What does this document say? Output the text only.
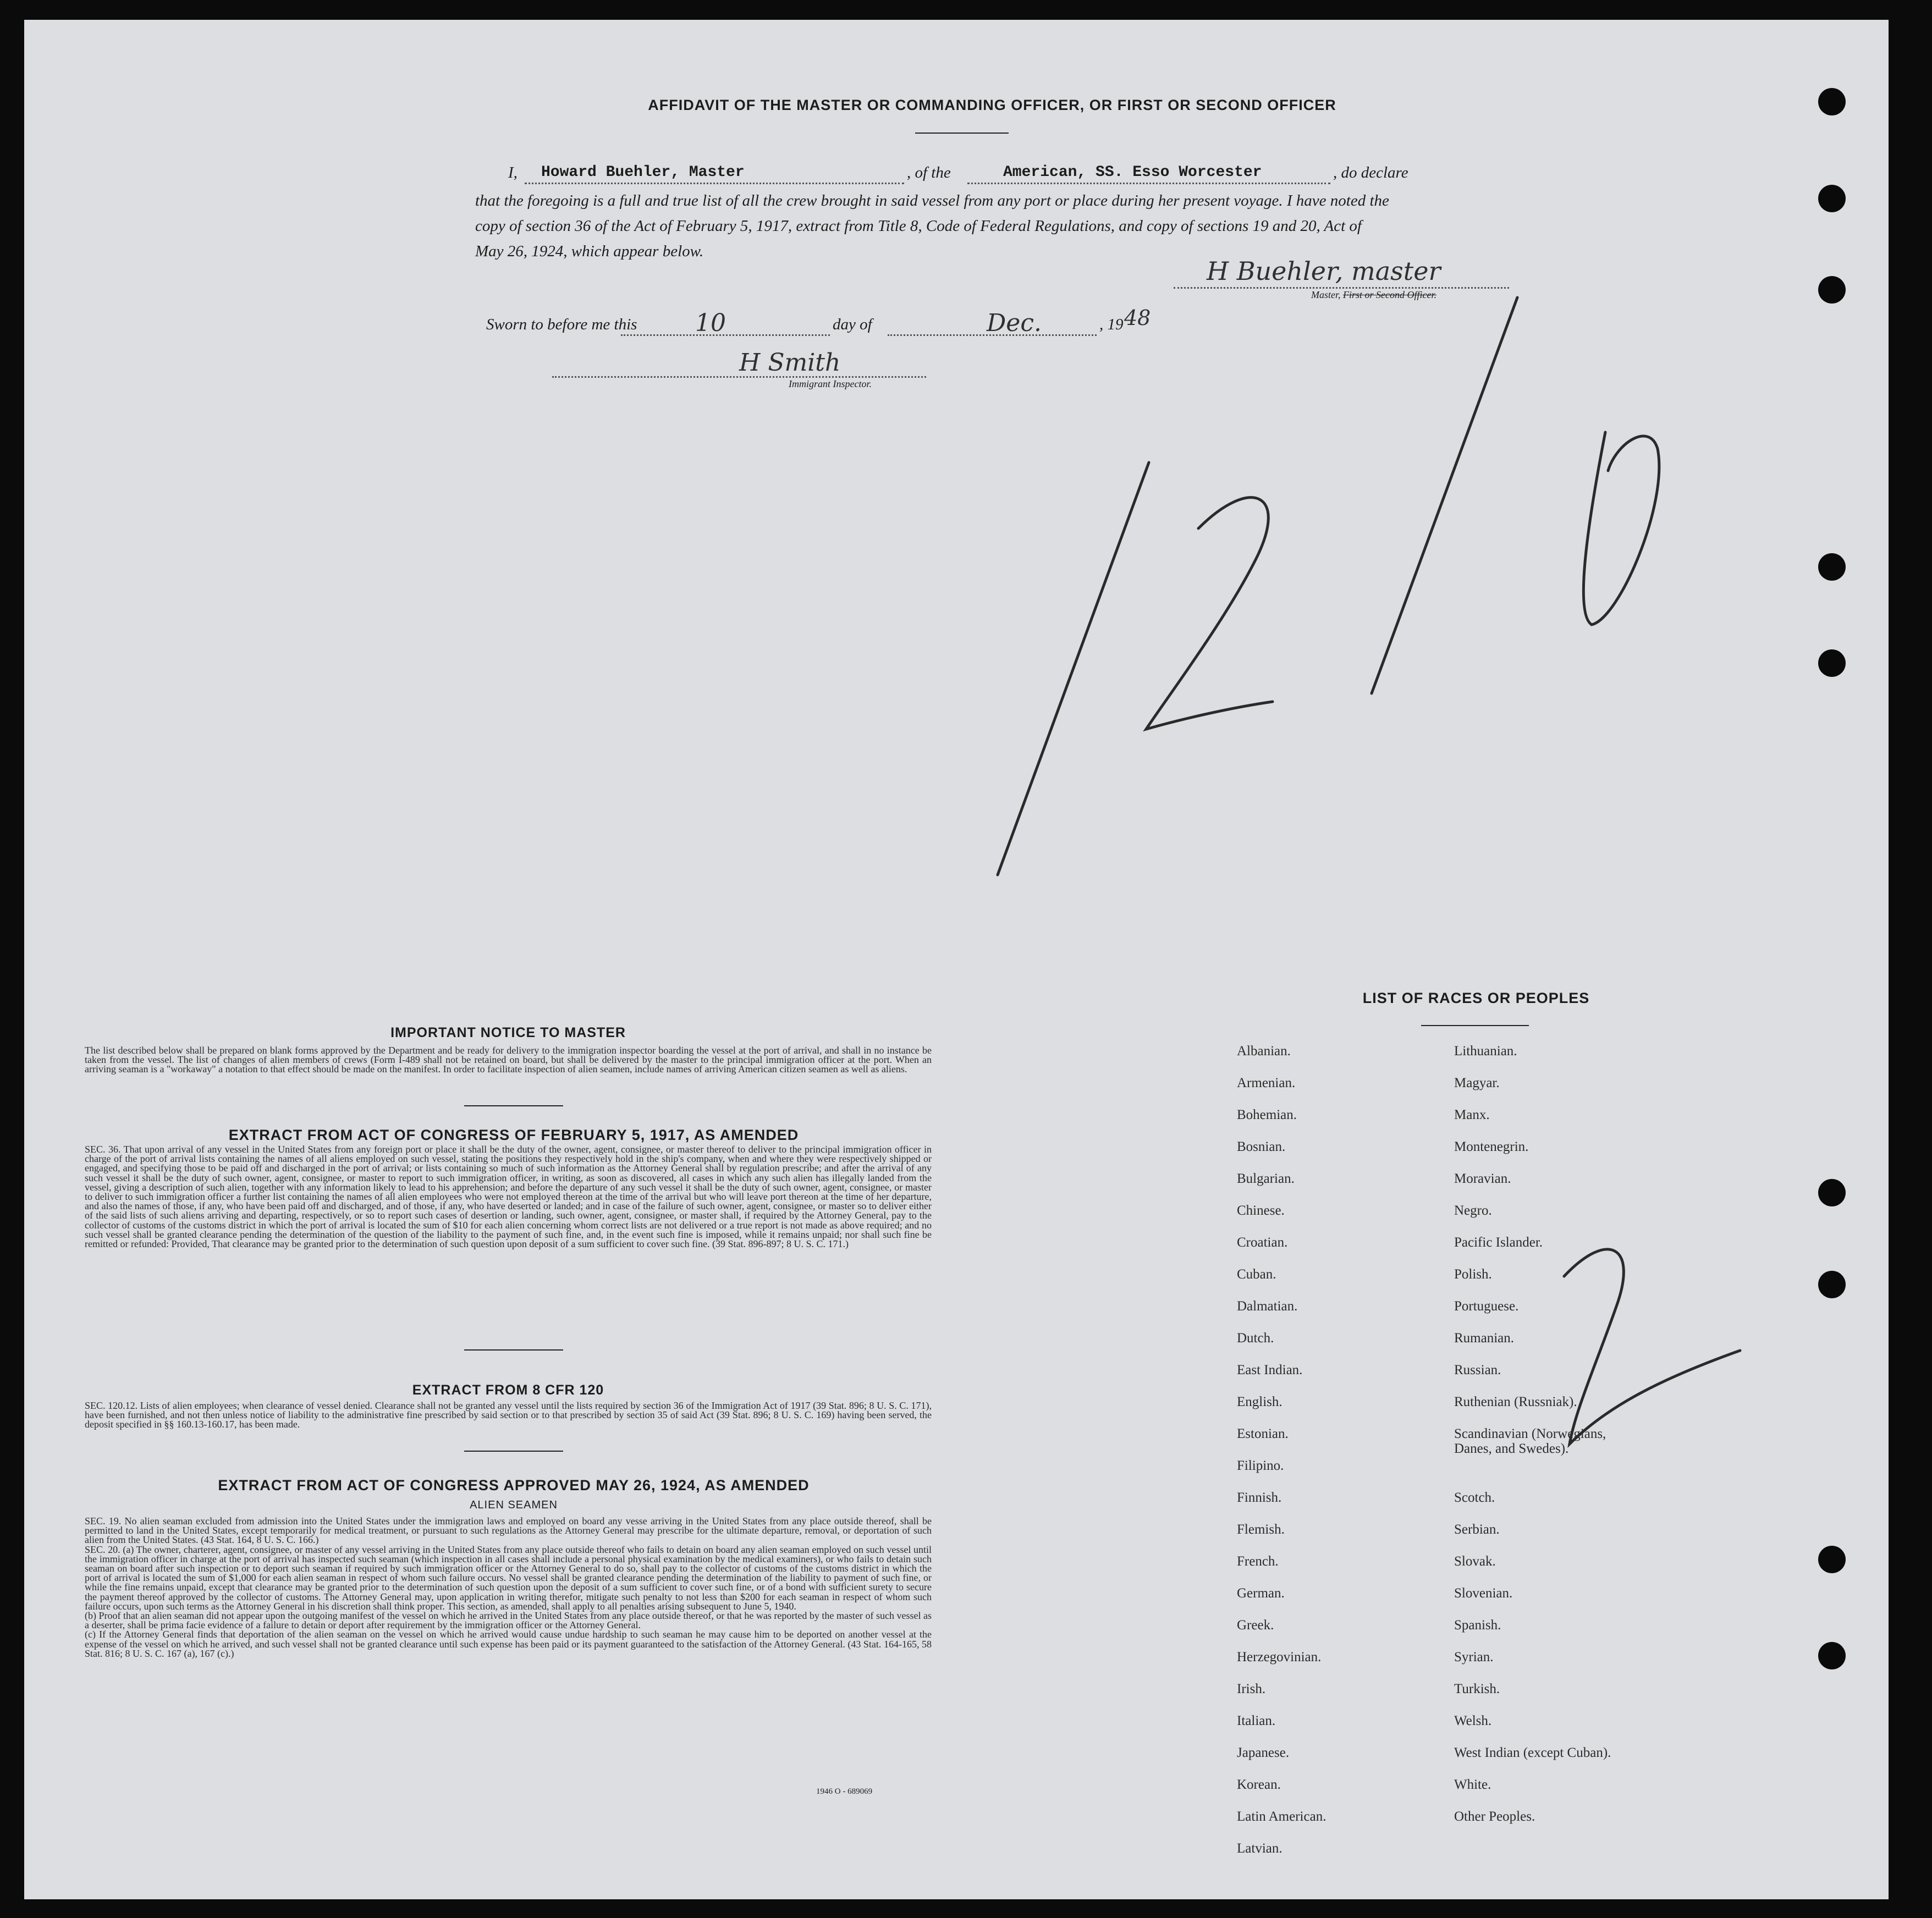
AFFIDAVIT OF THE MASTER OR COMMANDING OFFICER, OR FIRST OR SECOND OFFICER
I, Howard Buehler, Master	, of the	American, SS. Esso Worcester	, do declare
that the foregoing is a full and true list of all the crew brought in said vessel from any port or place during her present voyage. I have noted the
copy of section 36 of the Act of February 5, 1917, extract from Title 8, Code of Federal Regulations, and copy of sections 19 and 20, Act of
May 26, 1924, which appear below.
H Buehler, master
Master, First or Second Officer.
Sworn to before me this 10	day of	Dec.	, 19 48
H Smith
Immigrant Inspector.
IMPORTANT NOTICE TO MASTER
The list described below shall be prepared on blank forms approved by the Department and be ready for delivery to the immigration inspector boarding the vessel at the port of arrival, and shall in no instance be taken from the vessel. The list of changes of alien members of crews (Form I-489 shall not be retained on board, but shall be delivered by the master to the principal immigration officer at the port. When an arriving seaman is a "workaway" a notation to that effect should be made on the manifest. In order to facilitate inspection of alien seamen, include names of arriving American citizen seamen as well as aliens.
EXTRACT FROM ACT OF CONGRESS OF FEBRUARY 5, 1917, AS AMENDED
SEC. 36. That upon arrival of any vessel in the United States from any foreign port or place it shall be the duty of the owner, agent, consignee, or master thereof to deliver to the principal immigration officer in charge of the port of arrival lists containing the names of all aliens employed on such vessel, stating the positions they respectively hold in the ship's company, when and where they were respectively shipped or engaged, and specifying those to be paid off and discharged in the port of arrival; or lists containing so much of such information as the Attorney General shall by regulation prescribe; and after the arrival of any such vessel it shall be the duty of such owner, agent, consignee, or master to report to such immigration officer, in writing, as soon as discovered, all cases in which any such alien has illegally landed from the vessel, giving a description of such alien, together with any information likely to lead to his apprehension; and before the departure of any such vessel it shall be the duty of such owner, agent, consignee, or master to deliver to such immigration officer a further list containing the names of all alien employees who were not employed thereon at the time of the arrival but who will leave port thereon at the time of her departure, and also the names of those, if any, who have been paid off and discharged, and of those, if any, who have deserted or landed; and in case of the failure of such owner, agent, consignee, or master so to deliver either of the said lists of such aliens arriving and departing, respectively, or so to report such cases of desertion or landing, such owner, agent, consignee, or master shall, if required by the Attorney General, pay to the collector of customs of the customs district in which the port of arrival is located the sum of $10 for each alien concerning whom correct lists are not delivered or a true report is not made as above required; and no such vessel shall be granted clearance pending the determination of the question of the liability to the payment of such fine, and, in the event such fine is imposed, while it remains unpaid; nor shall such fine be remitted or refunded: Provided, That clearance may be granted prior to the determination of such question upon deposit of a sum sufficient to cover such fine. (39 Stat. 896-897; 8 U. S. C. 171.)
EXTRACT FROM 8 CFR 120
SEC. 120.12. Lists of alien employees; when clearance of vessel denied. Clearance shall not be granted any vessel until the lists required by section 36 of the Immigration Act of 1917 (39 Stat. 896; 8 U. S. C. 171), have been furnished, and not then unless notice of liability to the administrative fine prescribed by said section or to that prescribed by section 35 of said Act (39 Stat. 896; 8 U. S. C. 169) having been served, the deposit specified in §§ 160.13-160.17, has been made.
EXTRACT FROM ACT OF CONGRESS APPROVED MAY 26, 1924, AS AMENDED
ALIEN SEAMEN

SEC. 19. No alien seaman excluded from admission into the United States under the immigration laws and employed on board any vesse arriving in the United States from any place outside thereof, shall be permitted to land in the United States, except temporarily for medical treatment, or pursuant to such regulations as the Attorney General may prescribe for the ultimate departure, removal, or deportation of such alien from the United States. (43 Stat. 164, 8 U. S. C. 166.)

SEC. 20. (a) The owner, charterer, agent, consignee, or master of any vessel arriving in the United States from any place outside thereof who fails to detain on board any alien seaman employed on such vessel until the immigration officer in charge at the port of arrival has inspected such seaman (which inspection in all cases shall include a personal physical examination by the medical examiners), or who fails to detain such seaman on board after such inspection or to deport such seaman if required by such immigration officer or the Attorney General to do so, shall pay to the collector of customs of the customs district in which the port of arrival is located the sum of $1,000 for each alien seaman in respect of whom such failure occurs. No vessel shall be granted clearance pending the determination of the liability to payment of such fine, or while the fine remains unpaid, except that clearance may be granted prior to the determination of such question upon the deposit of a sum sufficient to cover such fine, or of a bond with sufficient surety to secure the payment thereof approved by the collector of customs. The Attorney General may, upon application in writing therefor, mitigate such penalty to not less than $200 for each seaman in respect of whom such failure occurs, upon such terms as the Attorney General in his discretion shall think proper. This section, as amended, shall apply to all penalties arising subsequent to June 5, 1940.

(b) Proof that an alien seaman did not appear upon the outgoing manifest of the vessel on which he arrived in the United States from any place outside thereof, or that he was reported by the master of such vessel as a deserter, shall be prima facie evidence of a failure to detain or deport after requirement by the immigration officer or the Attorney General.

(c) If the Attorney General finds that deportation of the alien seaman on the vessel on which he arrived would cause undue hardship to such seaman he may cause him to be deported on another vessel at the expense of the vessel on which he arrived, and such vessel shall not be granted clearance until such expense has been paid or its payment guaranteed to the satisfaction of the Attorney General. (43 Stat. 164-165, 58 Stat. 816; 8 U. S. C. 167 (a), 167 (c).)

1946 O - 689069
LIST OF RACES OR PEOPLES
Albanian.
Armenian.
Bohemian.
Bosnian.
Bulgarian.
Chinese.
Croatian.
Cuban.
Dalmatian.
Dutch.
East Indian.
English.
Estonian.
Filipino.
Finnish.
Flemish.
French.
German.
Greek.
Herzegovinian.
Irish.
Italian.
Japanese.
Korean.
Latin American.
Latvian.
Lithuanian.
Magyar.
Manx.
Montenegrin.
Moravian.
Negro.
Pacific Islander.
Polish.
Portuguese.
Rumanian.
Russian.
Ruthenian (Russniak).
Scandinavian (Norwegians, Danes, and Swedes).
Scotch.
Serbian.
Slovak.
Slovenian.
Spanish.
Syrian.
Turkish.
Welsh.
West Indian (except Cuban).
White.
Other Peoples.
